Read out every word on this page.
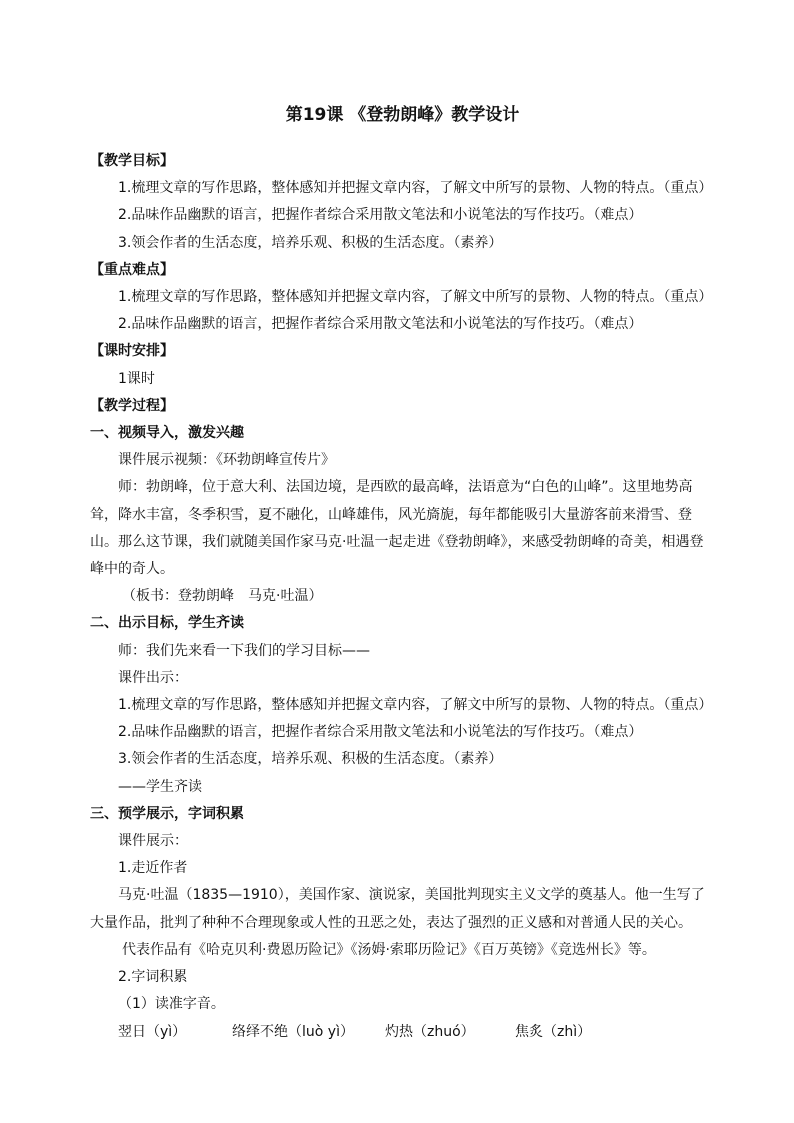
第19课 《登勃朗峰》教学设计
【教学目标】
1.梳理文章的写作思路，整体感知并把握文章内容，了解文中所写的景物、人物的特点。（重点）
2.品味作品幽默的语言，把握作者综合采用散文笔法和小说笔法的写作技巧。（难点）
3.领会作者的生活态度，培养乐观、积极的生活态度。（素养）
【重点难点】
1.梳理文章的写作思路，整体感知并把握文章内容，了解文中所写的景物、人物的特点。（重点）
2.品味作品幽默的语言，把握作者综合采用散文笔法和小说笔法的写作技巧。（难点）
【课时安排】
1课时
【教学过程】
一、视频导入，激发兴趣
课件展示视频：《环勃朗峰宣传片》
师：勃朗峰，位于意大利、法国边境，是西欧的最高峰，法语意为“白色的山峰”。这里地势高耸，降水丰富，冬季积雪，夏不融化，山峰雄伟，风光旖旎，每年都能吸引大量游客前来滑雪、登山。那么这节课，我们就随美国作家马克·吐温一起走进《登勃朗峰》，来感受勃朗峰的奇美，相遇登峰中的奇人。
（板书：登勃朗峰　马克·吐温）
二、出示目标，学生齐读
师：我们先来看一下我们的学习目标——
课件出示：
1.梳理文章的写作思路，整体感知并把握文章内容，了解文中所写的景物、人物的特点。（重点）
2.品味作品幽默的语言，把握作者综合采用散文笔法和小说笔法的写作技巧。（难点）
3.领会作者的生活态度，培养乐观、积极的生活态度。（素养）
——学生齐读
三、预学展示，字词积累
课件展示：
1.走近作者
马克·吐温（1835—1910），美国作家、演说家，美国批判现实主义文学的奠基人。他一生写了大量作品，批判了种种不合理现象或人性的丑恶之处，表达了强烈的正义感和对普通人民的关心。
代表作品有《哈克贝利·费恩历险记》《汤姆·索耶历险记》《百万英镑》《竞选州长》等。
2.字词积累
（1）读准字音。
翌日（yì）	络绎不绝（luò yì）	灼热（zhuó）	焦炙（zhì）
